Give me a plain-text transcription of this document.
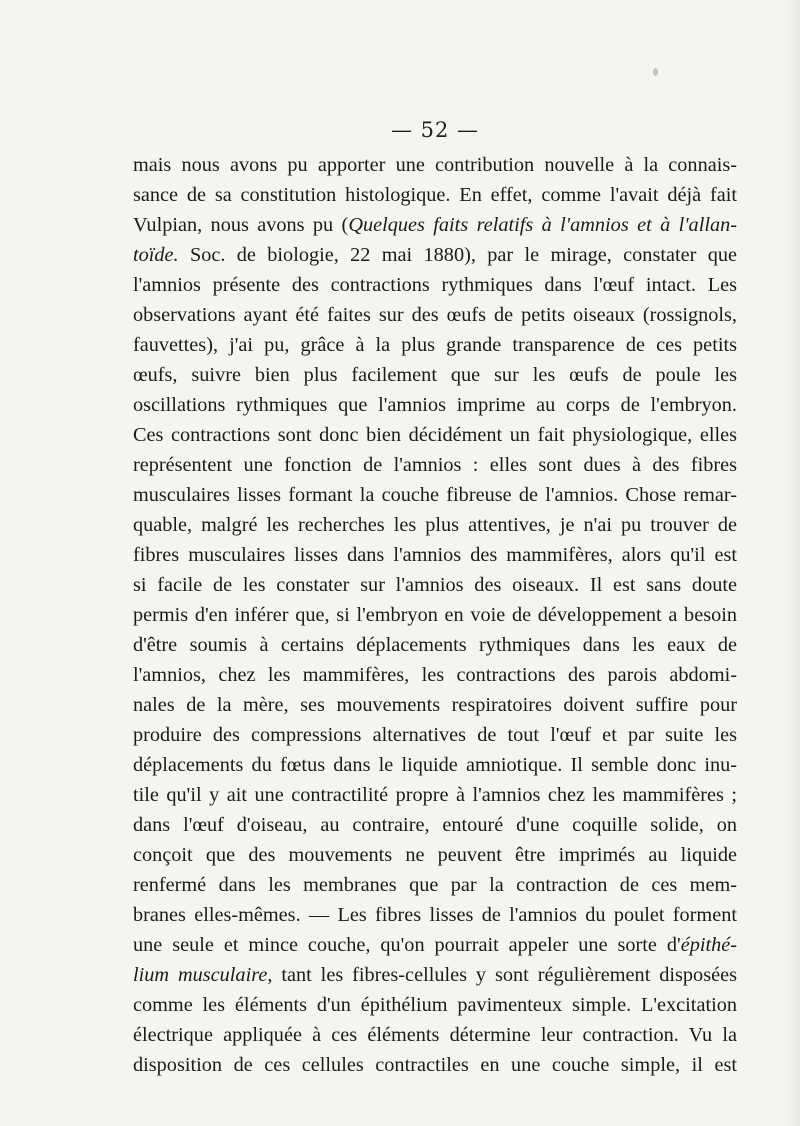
— 52 —
mais nous avons pu apporter une contribution nouvelle à la connais-
sance de sa constitution histologique. En effet, comme l'avait déjà fait
Vulpian, nous avons pu (Quelques faits relatifs à l'amnios et à l'allan-
toïde. Soc. de biologie, 22 mai 1880), par le mirage, constater que
l'amnios présente des contractions rythmiques dans l'œuf intact. Les
observations ayant été faites sur des œufs de petits oiseaux (rossignols,
fauvettes), j'ai pu, grâce à la plus grande transparence de ces petits
œufs, suivre bien plus facilement que sur les œufs de poule les
oscillations rythmiques que l'amnios imprime au corps de l'embryon.
Ces contractions sont donc bien décidément un fait physiologique, elles
représentent une fonction de l'amnios : elles sont dues à des fibres
musculaires lisses formant la couche fibreuse de l'amnios. Chose remar-
quable, malgré les recherches les plus attentives, je n'ai pu trouver de
fibres musculaires lisses dans l'amnios des mammifères, alors qu'il est
si facile de les constater sur l'amnios des oiseaux. Il est sans doute
permis d'en inférer que, si l'embryon en voie de développement a besoin
d'être soumis à certains déplacements rythmiques dans les eaux de
l'amnios, chez les mammifères, les contractions des parois abdomi-
nales de la mère, ses mouvements respiratoires doivent suffire pour
produire des compressions alternatives de tout l'œuf et par suite les
déplacements du fœtus dans le liquide amniotique. Il semble donc inu-
tile qu'il y ait une contractilité propre à l'amnios chez les mammifères ;
dans l'œuf d'oiseau, au contraire, entouré d'une coquille solide, on
conçoit que des mouvements ne peuvent être imprimés au liquide
renfermé dans les membranes que par la contraction de ces mem-
branes elles-mêmes. — Les fibres lisses de l'amnios du poulet forment
une seule et mince couche, qu'on pourrait appeler une sorte d'épithé-
lium musculaire, tant les fibres-cellules y sont régulièrement disposées
comme les éléments d'un épithélium pavimenteux simple. L'excitation
électrique appliquée à ces éléments détermine leur contraction. Vu la
disposition de ces cellules contractiles en une couche simple, il est
